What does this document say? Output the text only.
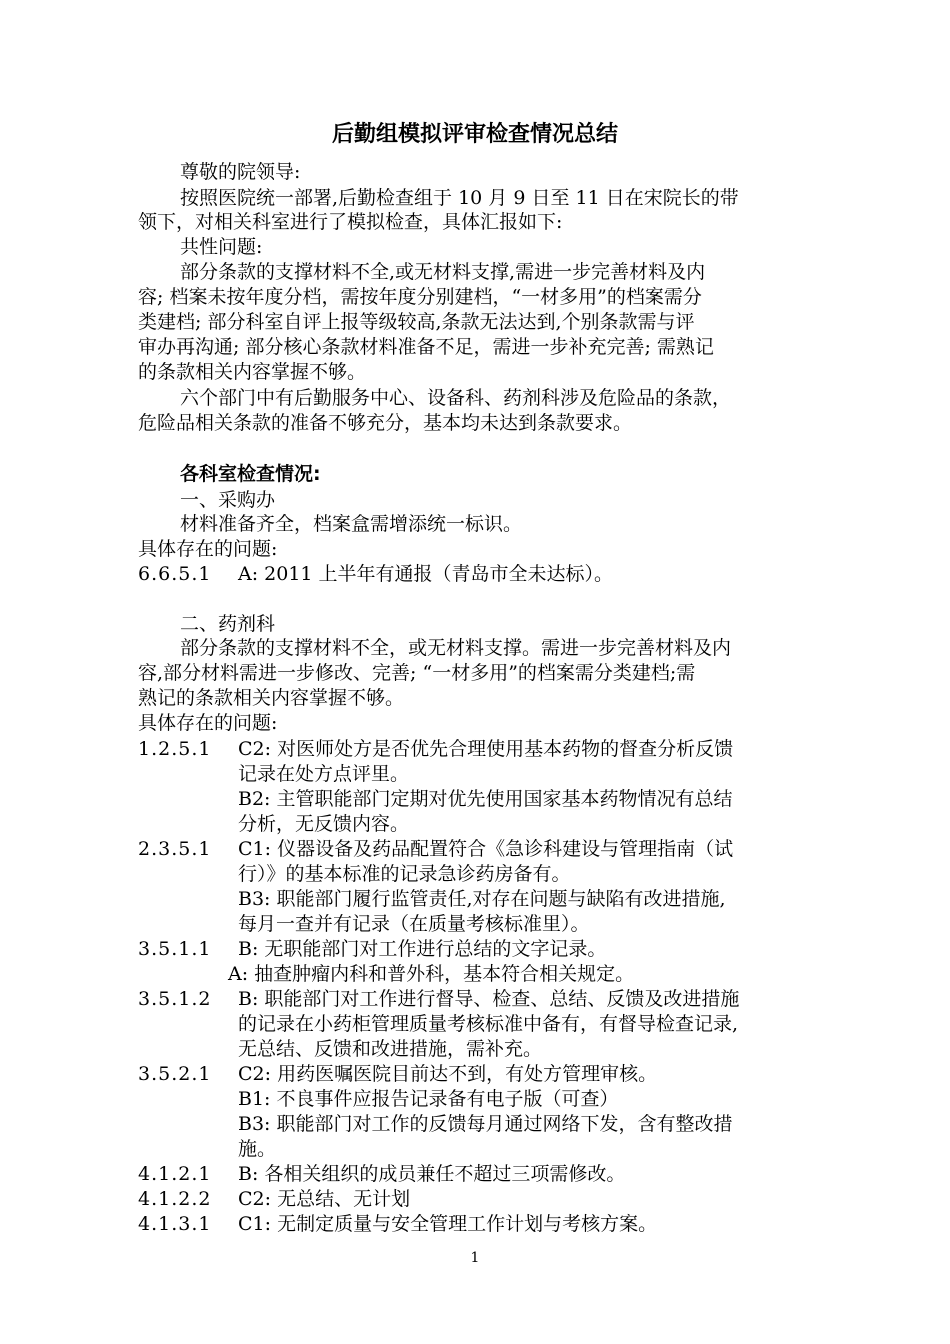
后勤组模拟评审检查情况总结
尊敬的院领导:
按照医院统一部署,后勤检查组于 10 月 9 日至 11 日在宋院长的带
领下，对相关科室进行了模拟检查，具体汇报如下:
共性问题:
部分条款的支撑材料不全,或无材料支撑,需进一步完善材料及内
容; 档案未按年度分档，需按年度分别建档，“一材多用”的档案需分
类建档; 部分科室自评上报等级较高,条款无法达到,个别条款需与评
审办再沟通; 部分核心条款材料准备不足，需进一步补充完善; 需熟记
的条款相关内容掌握不够。
六个部门中有后勤服务中心、设备科、药剂科涉及危险品的条款，
危险品相关条款的准备不够充分，基本均未达到条款要求。
各科室检查情况:
一、采购办
材料准备齐全，档案盒需增添统一标识。
具体存在的问题:
6.6.5.1 A: 2011 上半年有通报（青岛市全未达标）。
二、药剂科
部分条款的支撑材料不全，或无材料支撑。需进一步完善材料及内
容,部分材料需进一步修改、完善; “一材多用”的档案需分类建档;需
熟记的条款相关内容掌握不够。
具体存在的问题:
1.2.5.1 C2: 对医师处方是否优先合理使用基本药物的督查分析反馈
记录在处方点评里。
B2: 主管职能部门定期对优先使用国家基本药物情况有总结
分析，无反馈内容。
2.3.5.1 C1: 仪器设备及药品配置符合《急诊科建设与管理指南（试
行）》的基本标准的记录急诊药房备有。
B3: 职能部门履行监管责任,对存在问题与缺陷有改进措施,
每月一查并有记录（在质量考核标准里）。
3.5.1.1 B: 无职能部门对工作进行总结的文字记录。
A: 抽查肿瘤内科和普外科，基本符合相关规定。
3.5.1.2 B: 职能部门对工作进行督导、检查、总结、反馈及改进措施
的记录在小药柜管理质量考核标准中备有，有督导检查记录,
无总结、反馈和改进措施，需补充。
3.5.2.1 C2: 用药医嘱医院目前达不到，有处方管理审核。
B1: 不良事件应报告记录备有电子版（可查）
B3: 职能部门对工作的反馈每月通过网络下发，含有整改措
施。
4.1.2.1 B: 各相关组织的成员兼任不超过三项需修改。
4.1.2.2 C2: 无总结、无计划
4.1.3.1 C1: 无制定质量与安全管理工作计划与考核方案。
1
